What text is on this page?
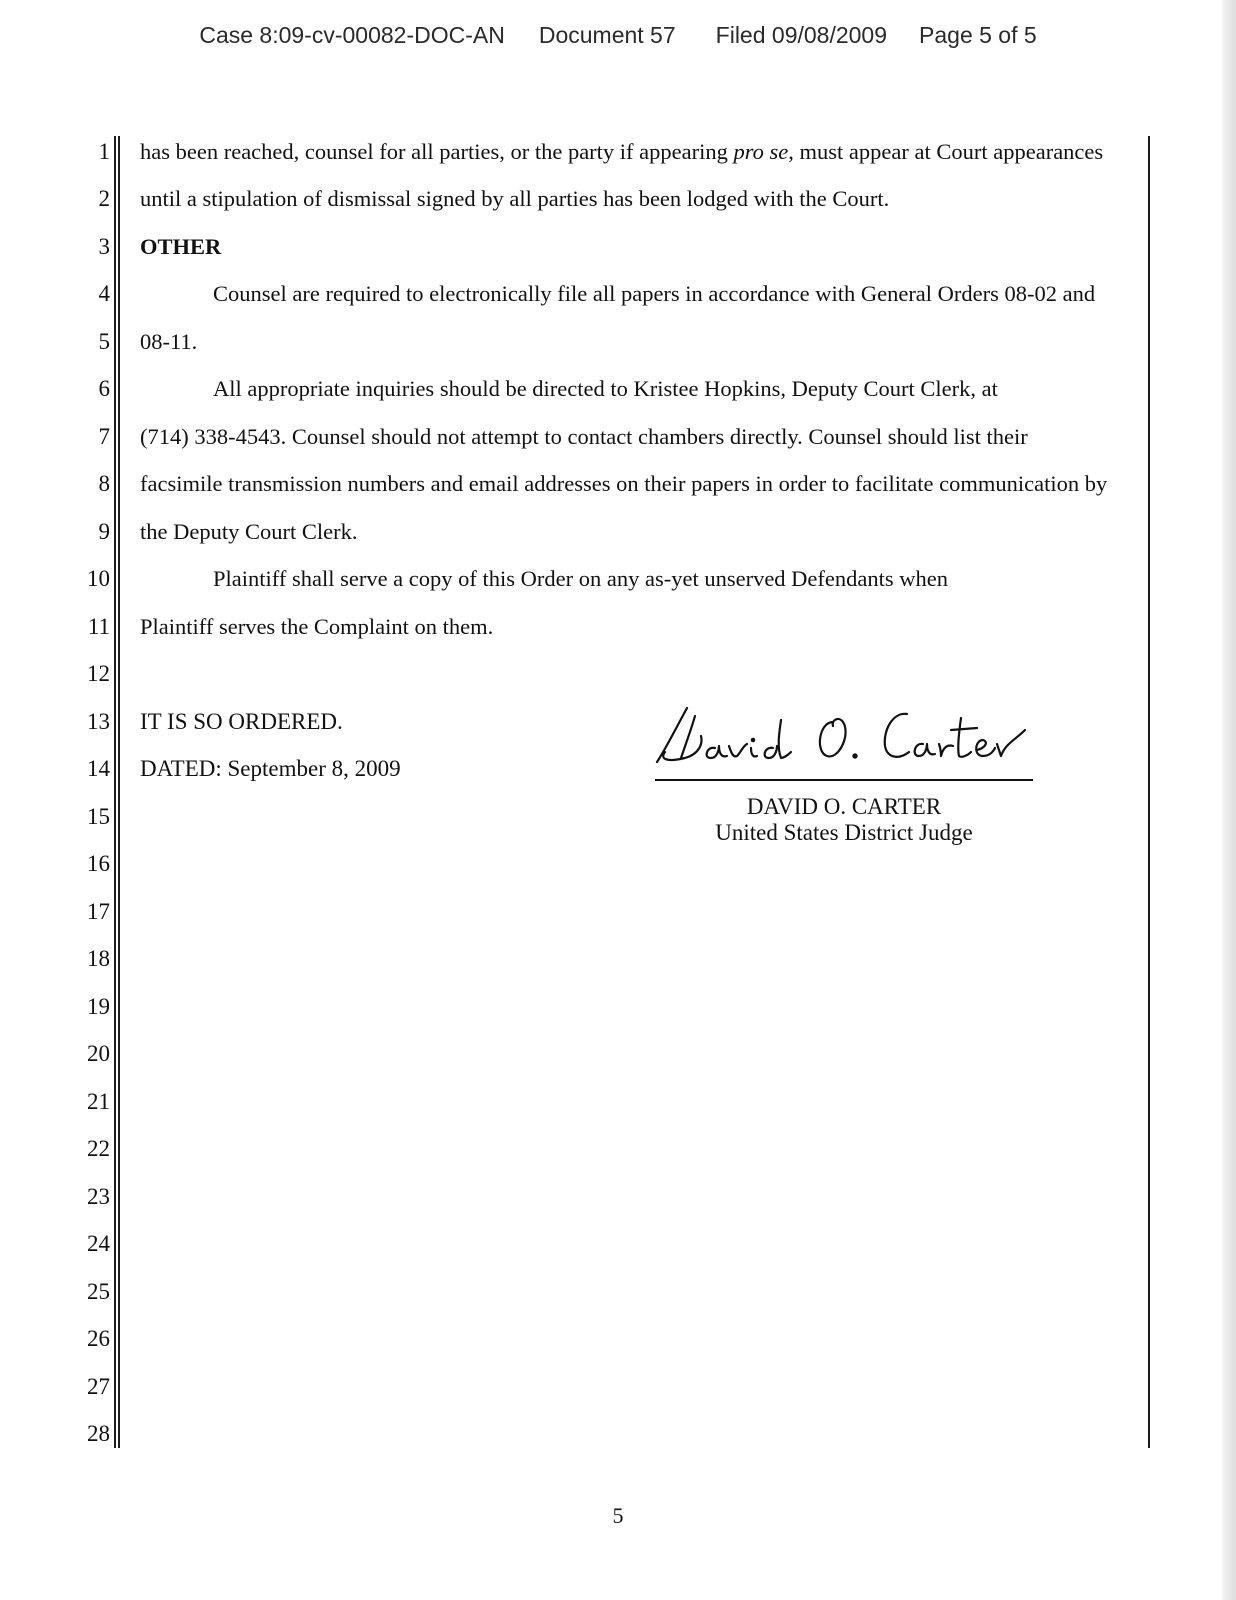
Case 8:09-cv-00082-DOC-AN Document 57 Filed 09/08/2009 Page 5 of 5
1
2
3
4
5
6
7
8
9
10
11
12
13
14
15
16
17
18
19
20
21
22
23
24
25
26
27
28
has been reached, counsel for all parties, or the party if appearing pro se, must appear at Court appearances
until a stipulation of dismissal signed by all parties has been lodged with the Court.
OTHER
Counsel are required to electronically file all papers in accordance with General Orders 08-02 and
08-11.
All appropriate inquiries should be directed to Kristee Hopkins, Deputy Court Clerk, at
(714) 338-4543. Counsel should not attempt to contact chambers directly. Counsel should list their
facsimile transmission numbers and email addresses on their papers in order to facilitate communication by
the Deputy Court Clerk.
Plaintiff shall serve a copy of this Order on any as-yet unserved Defendants when
Plaintiff serves the Complaint on them.
IT IS SO ORDERED.
DATED: September 8, 2009
DAVID O. CARTER
United States District Judge
5
